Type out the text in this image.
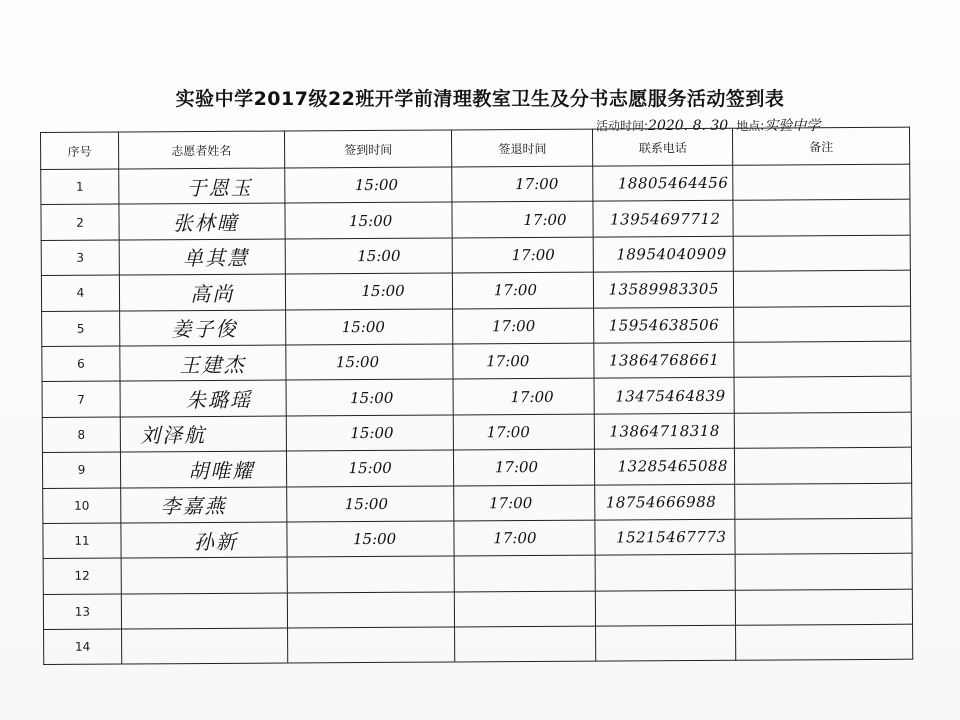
实验中学2017级22班开学前清理教室卫生及分书志愿服务活动签到表
活动时间:2020. 8. 30 地点:实验中学
序号	志愿者姓名	签到时间	签退时间	联系电话	备注
1	于恩玉	15:00	17:00	18805464456	
2	张林曈	15:00	17:00	13954697712	
3	单其慧	15:00	17:00	18954040909	
4	高尚	15:00	17:00	13589983305	
5	姜子俊	15:00	17:00	15954638506	
6	王建杰	15:00	17:00	13864768661	
7	朱璐瑶	15:00	17:00	13475464839	
8	刘泽航	15:00	17:00	13864718318	
9	胡唯耀	15:00	17:00	13285465088	
10	李嘉燕	15:00	17:00	18754666988	
11	孙新	15:00	17:00	15215467773	
12					
13					
14					
